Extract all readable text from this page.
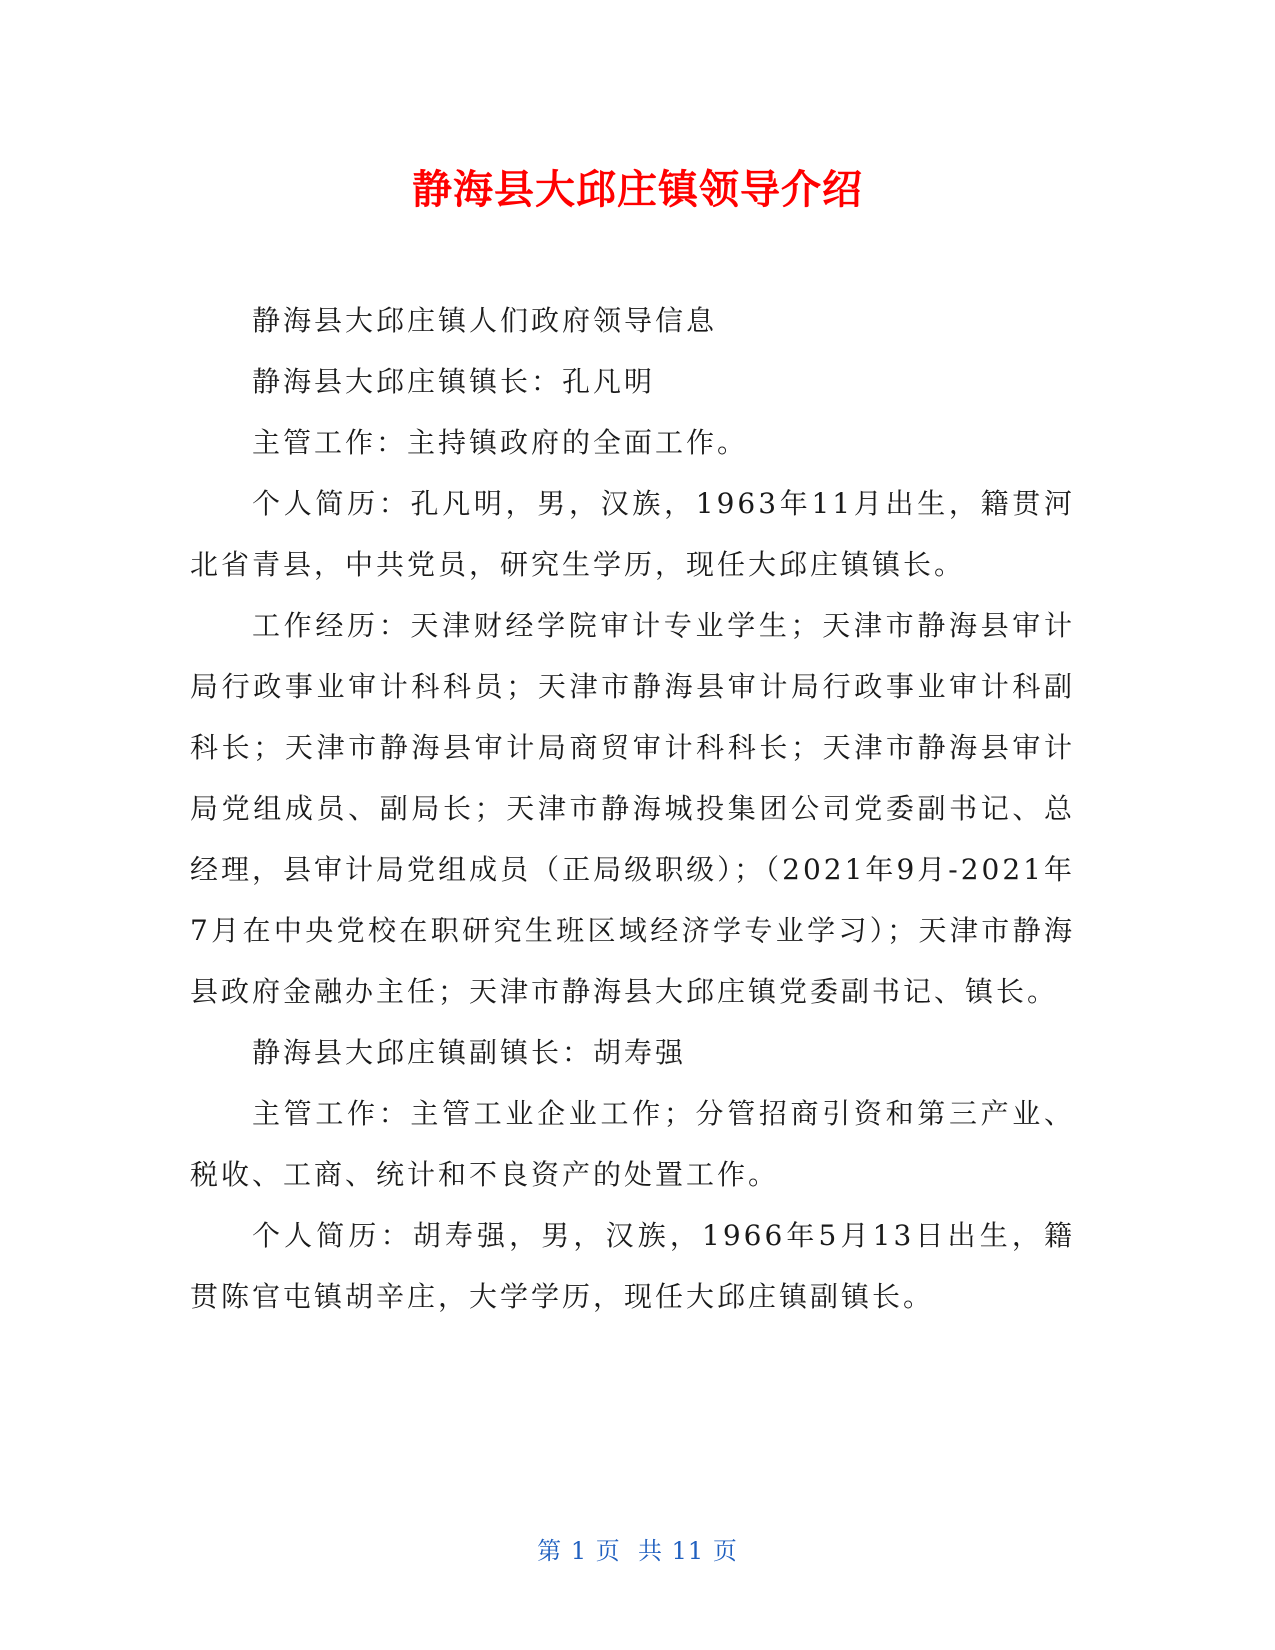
静海县大邱庄镇领导介绍

静海县大邱庄镇人们政府领导信息

静海县大邱庄镇镇长：孔凡明

主管工作：主持镇政府的全面工作。

个人简历：孔凡明，男，汉族，1963年11月出生，籍贯河北省青县，中共党员，研究生学历，现任大邱庄镇镇长。

工作经历：天津财经学院审计专业学生；天津市静海县审计局行政事业审计科科员；天津市静海县审计局行政事业审计科副科长；天津市静海县审计局商贸审计科科长；天津市静海县审计局党组成员、副局长；天津市静海城投集团公司党委副书记、总经理，县审计局党组成员（正局级职级）；（2021年9月-2021年7月在中央党校在职研究生班区域经济学专业学习）；天津市静海县政府金融办主任；天津市静海县大邱庄镇党委副书记、镇长。

静海县大邱庄镇副镇长：胡寿强

主管工作：主管工业企业工作；分管招商引资和第三产业、税收、工商、统计和不良资产的处置工作。

个人简历：胡寿强，男，汉族，1966年5月13日出生，籍贯陈官屯镇胡辛庄，大学学历，现任大邱庄镇副镇长。

第 1 页  共 11 页
